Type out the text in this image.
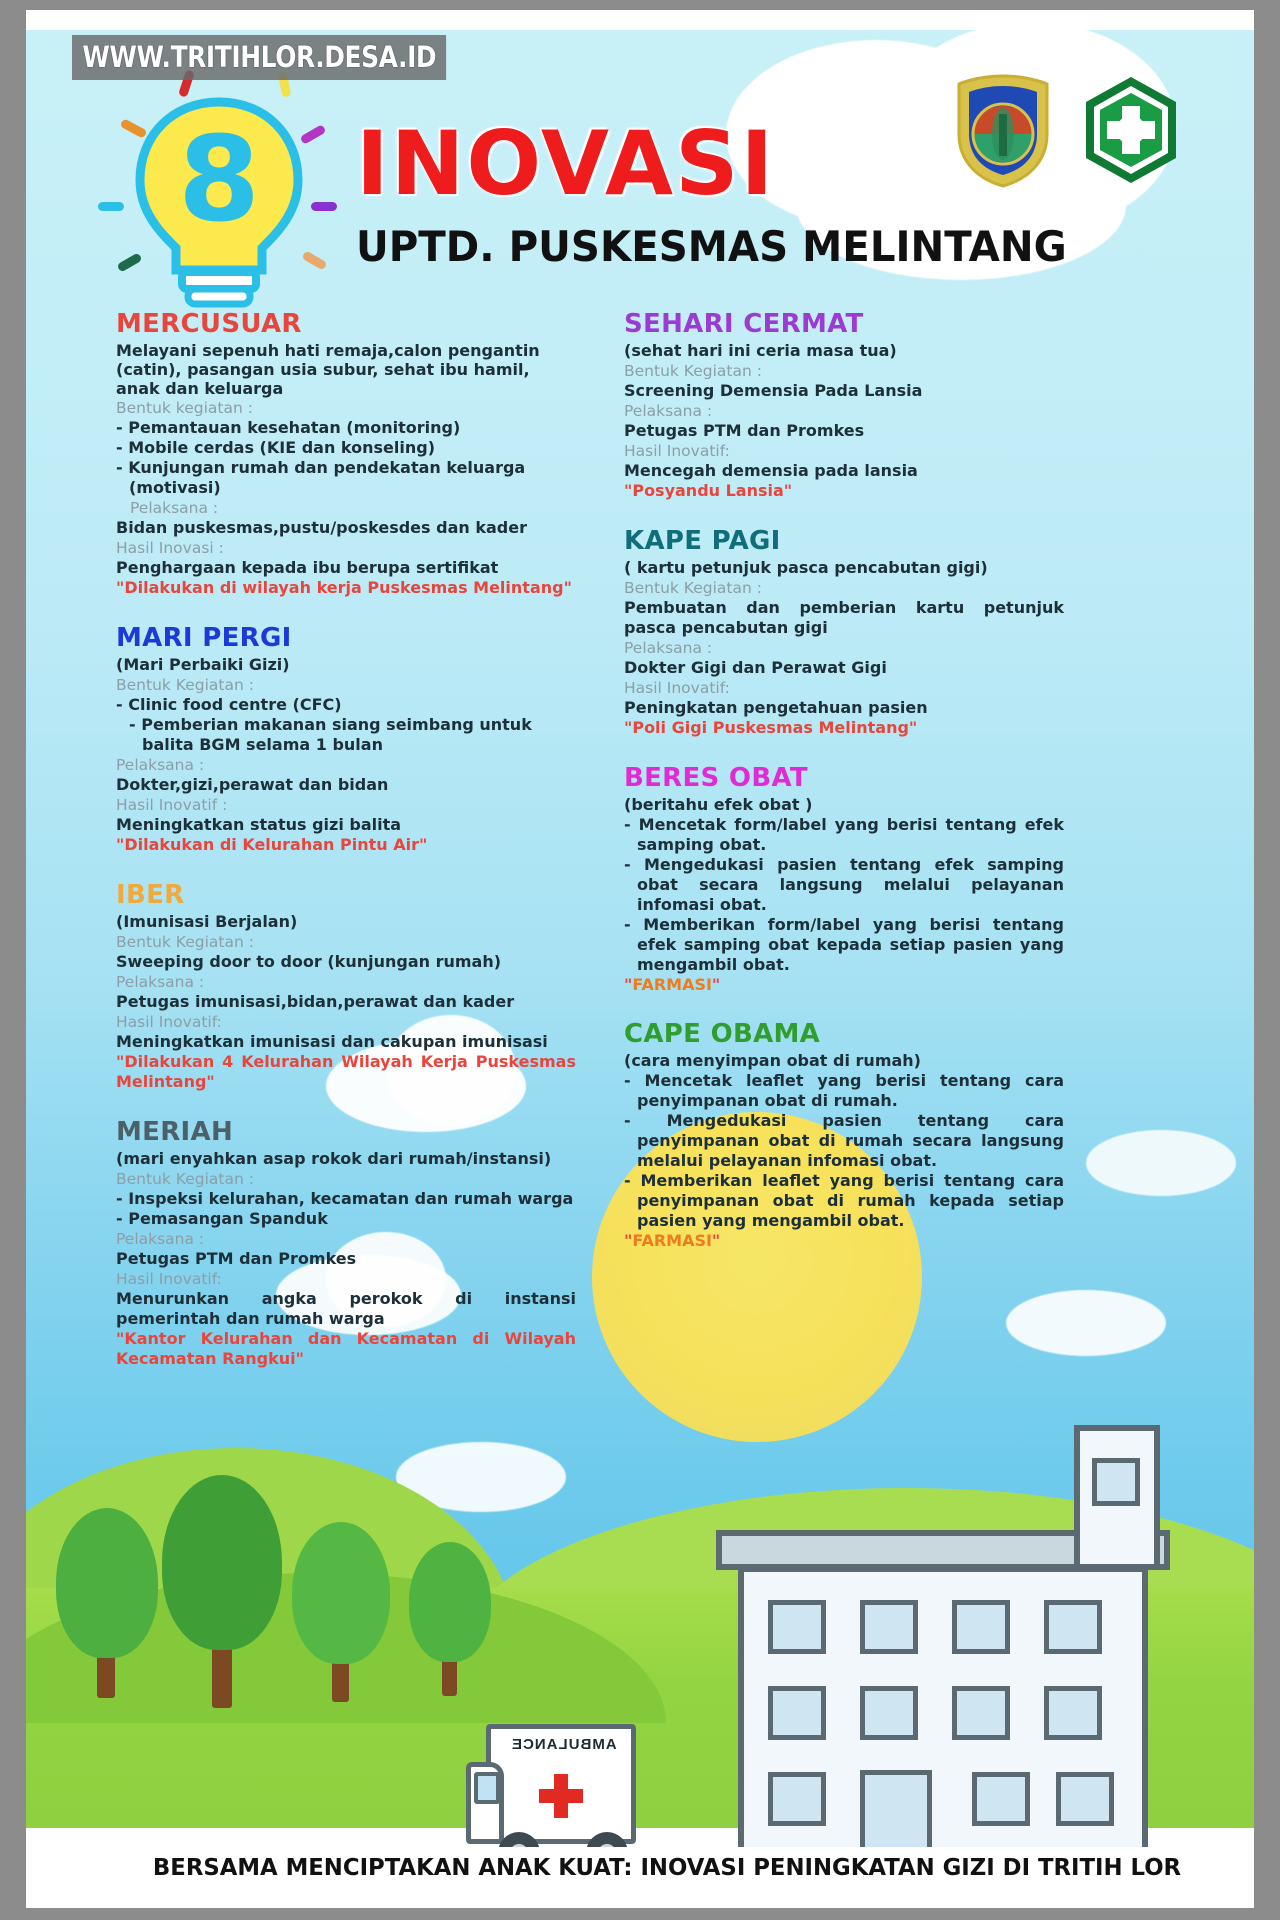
AMBULANCE
WWW.TRITIHLOR.DESA.ID
8 INOVASI
UPTD. PUSKESMAS MELINTANG
MERCUSUAR
Melayani sepenuh hati remaja,calon pengantin (catin), pasangan usia subur, sehat ibu hamil, anak dan keluarga
Bentuk kegiatan :
- Pemantauan kesehatan (monitoring)
- Mobile cerdas (KIE dan konseling)
- Kunjungan rumah dan pendekatan keluarga (motivasi)
Pelaksana :
Bidan puskesmas,pustu/poskesdes dan kader
Hasil Inovasi :
Penghargaan kepada ibu berupa sertifikat
"Dilakukan di wilayah kerja Puskesmas Melintang"
MARI PERGI
(Mari Perbaiki Gizi)
Bentuk Kegiatan :
- Clinic food centre (CFC)
- Pemberian makanan siang seimbang untuk balita BGM selama 1 bulan
Pelaksana :
Dokter,gizi,perawat dan bidan
Hasil Inovatif :
Meningkatkan status gizi balita
"Dilakukan di Kelurahan Pintu Air"
IBER
(Imunisasi Berjalan)
Bentuk Kegiatan :
Sweeping door to door (kunjungan rumah)
Pelaksana :
Petugas imunisasi,bidan,perawat dan kader
Hasil Inovatif:
Meningkatkan imunisasi dan cakupan imunisasi
"Dilakukan 4 Kelurahan Wilayah Kerja Puskesmas Melintang"
MERIAH
(mari enyahkan asap rokok dari rumah/instansi)
Bentuk Kegiatan :
- Inspeksi kelurahan, kecamatan dan rumah warga
- Pemasangan Spanduk
Pelaksana :
Petugas PTM dan Promkes
Hasil Inovatif:
Menurunkan angka perokok di instansi pemerintah dan rumah warga
"Kantor Kelurahan dan Kecamatan di Wilayah Kecamatan Rangkui"
SEHARI CERMAT
(sehat hari ini ceria masa tua)
Bentuk Kegiatan :
Screening Demensia Pada Lansia
Pelaksana :
Petugas PTM dan Promkes
Hasil Inovatif:
Mencegah demensia pada lansia
"Posyandu Lansia"
KAPE PAGI
( kartu petunjuk pasca pencabutan gigi)
Bentuk Kegiatan :
Pembuatan dan pemberian kartu petunjuk pasca pencabutan gigi
Pelaksana :
Dokter Gigi dan Perawat Gigi
Hasil Inovatif:
Peningkatan pengetahuan pasien
"Poli Gigi Puskesmas Melintang"
BERES OBAT
(beritahu efek obat )
- Mencetak form/label yang berisi tentang efek samping obat.
- Mengedukasi pasien tentang efek samping obat secara langsung melalui pelayanan infomasi obat.
- Memberikan form/label yang berisi tentang efek samping obat kepada setiap pasien yang mengambil obat.
"FARMASI"
CAPE OBAMA
(cara menyimpan obat di rumah)
- Mencetak leaflet yang berisi tentang cara penyimpanan obat di rumah.
- Mengedukasi pasien tentang cara penyimpanan obat di rumah secara langsung melalui pelayanan infomasi obat.
- Memberikan leaflet yang berisi tentang cara penyimpanan obat di rumah kepada setiap pasien yang mengambil obat.
"FARMASI"
BERSAMA MENCIPTAKAN ANAK KUAT: INOVASI PENINGKATAN GIZI DI TRITIH LOR
